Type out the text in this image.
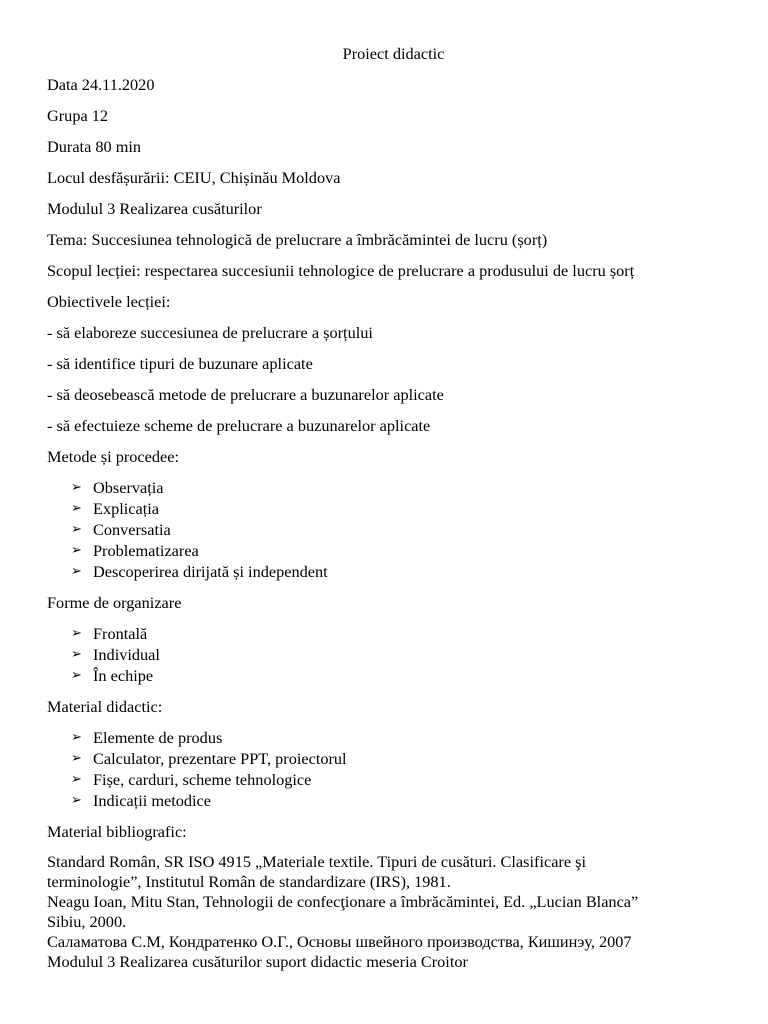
Proiect didactic
Data 24.11.2020
Grupa 12
Durata 80 min
Locul desfășurării: CEIU, Chișinău Moldova
Modulul 3 Realizarea cusăturilor
Tema: Succesiunea tehnologică de prelucrare a îmbrăcămintei de lucru (șorț)
Scopul lecției: respectarea succesiunii tehnologice de prelucrare a produsului de lucru șorț
Obiectivele lecției:
- să elaboreze succesiunea de prelucrare a șorțului
- să identifice tipuri de buzunare aplicate
- să deosebească metode de prelucrare a buzunarelor aplicate
- să efectuieze scheme de prelucrare a buzunarelor aplicate
Metode și procedee:
➢ Observația
➢ Explicația
➢ Conversatia
➢ Problematizarea
➢ Descoperirea dirijată și independent
Forme de organizare
➢ Frontală
➢ Individual
➢ În echipe
Material didactic:
➢ Elemente de produs
➢ Calculator, prezentare PPT, proiectorul
➢ Fișe, carduri, scheme tehnologice
➢ Indicații metodice
Material bibliografic:
Standard Român, SR ISO 4915 „Materiale textile. Tipuri de cusături. Clasificare şi
terminologie”, Institutul Român de standardizare (IRS), 1981.
Neagu Ioan, Mitu Stan, Tehnologii de confecţionare a îmbrăcămintei, Ed. „Lucian Blanca”
Sibiu, 2000.
Саламатова С.М, Кондратенко О.Г., Основы швейного производства, Кишинэу, 2007
Modulul 3 Realizarea cusăturilor suport didactic meseria Croitor
